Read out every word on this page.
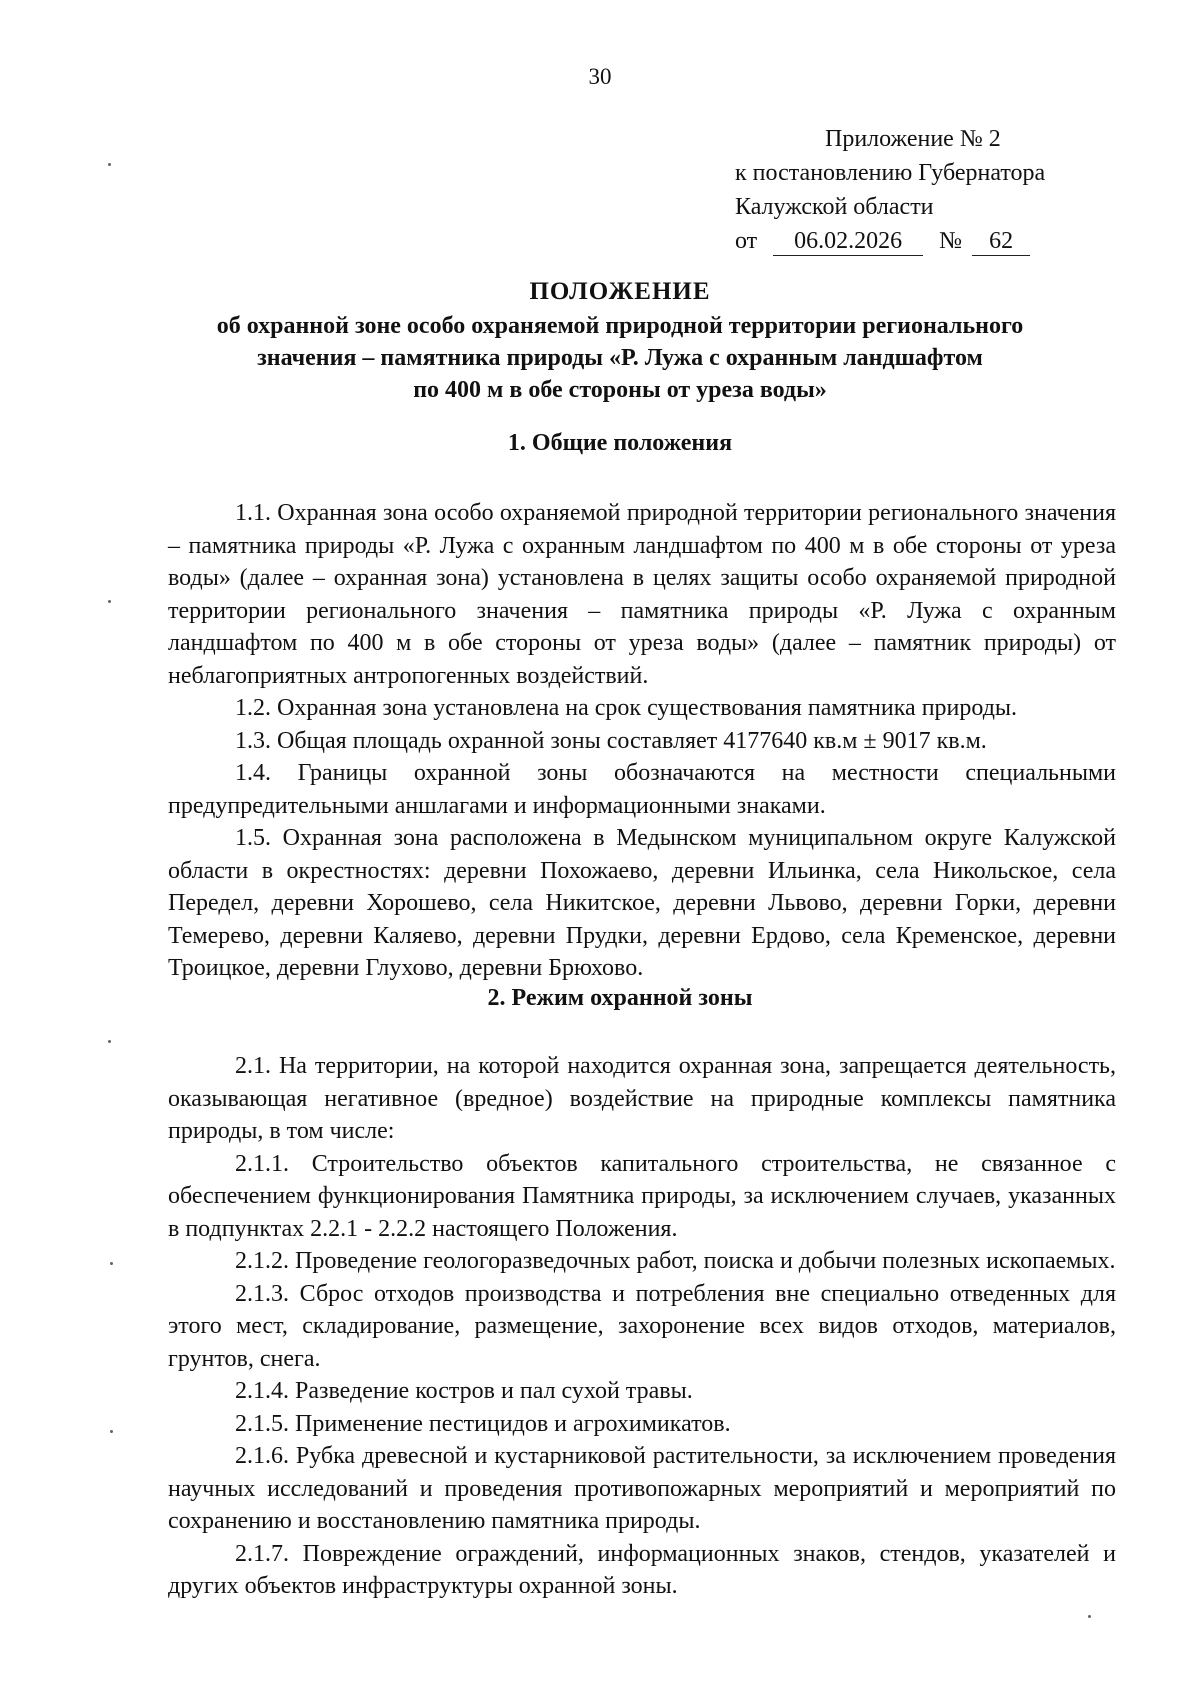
30
Приложение № 2
к постановлению Губернатора
Калужской области
от 06.02.2026 № 62
ПОЛОЖЕНИЕ
об охранной зоне особо охраняемой природной территории регионального
значения – памятника природы «Р. Лужа с охранным ландшафтом
по 400 м в обе стороны от уреза воды»
1. Общие положения

1.1. Охранная зона особо охраняемой природной территории регионального значения – памятника природы «Р. Лужа с охранным ландшафтом по 400 м в обе стороны от уреза воды» (далее – охранная зона) установлена в целях защиты особо охраняемой природной территории регионального значения – памятника природы «Р. Лужа с охранным ландшафтом по 400 м в обе стороны от уреза воды» (далее – памятник природы) от неблагоприятных антропогенных воздействий.

1.2. Охранная зона установлена на срок существования памятника природы.

1.3. Общая площадь охранной зоны составляет 4177640 кв.м ± 9017 кв.м.

1.4. Границы охранной зоны обозначаются на местности специальными предупредительными аншлагами и информационными знаками.

1.5. Охранная зона расположена в Медынском муниципальном округе Калужской области в окрестностях: деревни Похожаево, деревни Ильинка, села Никольское, села Передел, деревни Хорошево, села Никитское, деревни Львово, деревни Горки, деревни Темерево, деревни Каляево, деревни Прудки, деревни Ердово, села Кременское, деревни Троицкое, деревни Глухово, деревни Брюхово.

2. Режим охранной зоны

2.1. На территории, на которой находится охранная зона, запрещается деятельность, оказывающая негативное (вредное) воздействие на природные комплексы памятника природы, в том числе:

2.1.1. Строительство объектов капитального строительства, не связанное с обеспечением функционирования Памятника природы, за исключением случаев, указанных в подпунктах 2.2.1 - 2.2.2 настоящего Положения.

2.1.2. Проведение геологоразведочных работ, поиска и добычи полезных ископаемых.

2.1.3. Сброс отходов производства и потребления вне специально отведенных для этого мест, складирование, размещение, захоронение всех видов отходов, материалов, грунтов, снега.

2.1.4. Разведение костров и пал сухой травы.

2.1.5. Применение пестицидов и агрохимикатов.

2.1.6. Рубка древесной и кустарниковой растительности, за исключением проведения научных исследований и проведения противопожарных мероприятий и мероприятий по сохранению и восстановлению памятника природы.

2.1.7. Повреждение ограждений, информационных знаков, стендов, указателей и других объектов инфраструктуры охранной зоны.
